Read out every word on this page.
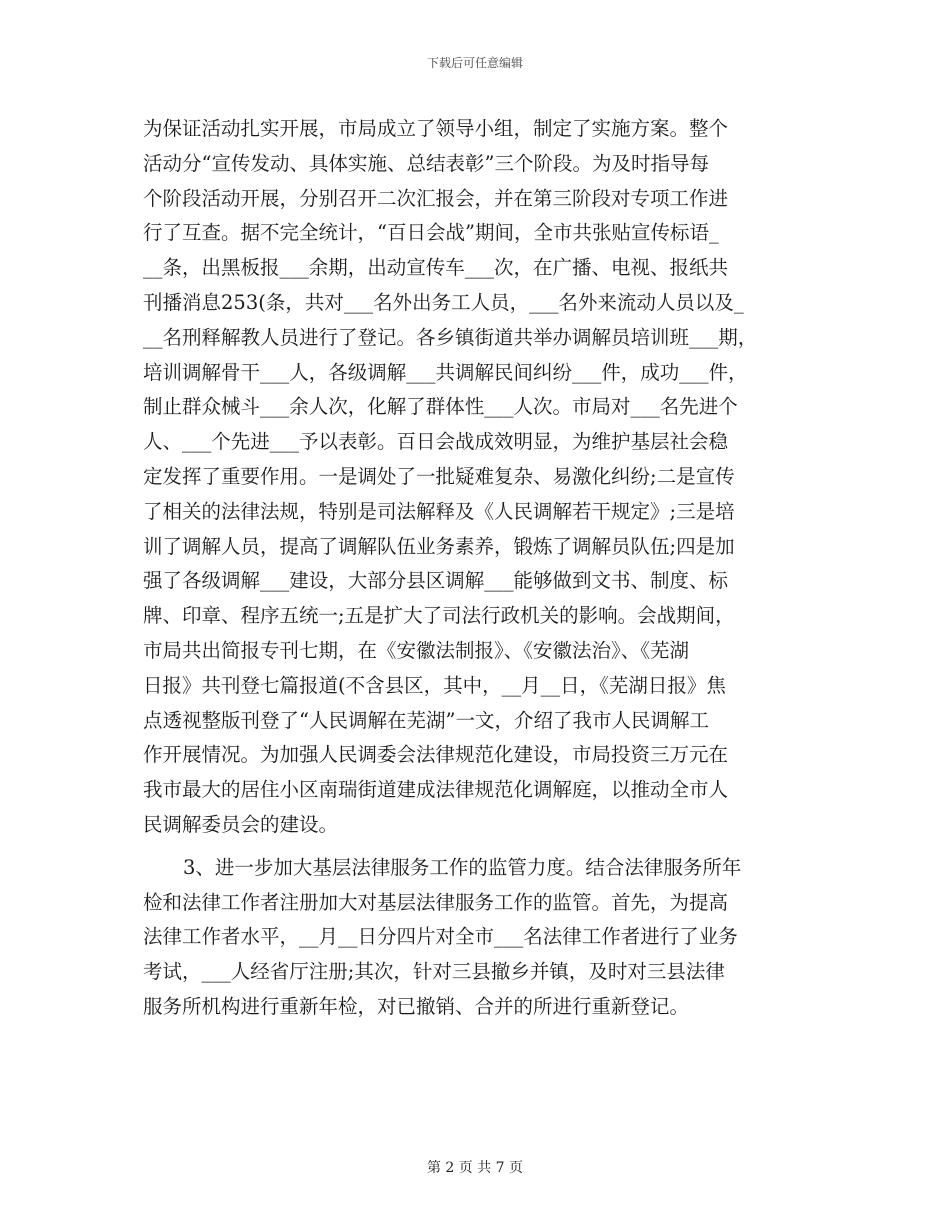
下载后可任意编辑
为保证活动扎实开展，市局成立了领导小组，制定了实施方案。整个
活动分“宣传发动、具体实施、总结表彰”三个阶段。为及时指导每
个阶段活动开展，分别召开二次汇报会，并在第三阶段对专项工作进
行了互查。据不完全统计，“百日会战”期间，全市共张贴宣传标语_
__条，出黑板报___余期，出动宣传车___次，在广播、电视、报纸共
刊播消息253(条，共对___名外出务工人员，___名外来流动人员以及_
__名刑释解教人员进行了登记。各乡镇街道共举办调解员培训班___期，
培训调解骨干___人，各级调解___共调解民间纠纷___件，成功___件，
制止群众械斗___余人次，化解了群体性___人次。市局对___名先进个
人、___个先进___予以表彰。百日会战成效明显，为维护基层社会稳
定发挥了重要作用。一是调处了一批疑难复杂、易激化纠纷;二是宣传
了相关的法律法规，特别是司法解释及《人民调解若干规定》;三是培
训了调解人员，提高了调解队伍业务素养，锻炼了调解员队伍;四是加
强了各级调解___建设，大部分县区调解___能够做到文书、制度、标
牌、印章、程序五统一;五是扩大了司法行政机关的影响。会战期间，
市局共出简报专刊七期，在《安徽法制报》、《安徽法治》、《芜湖
日报》共刊登七篇报道(不含县区，其中，__月__日，《芜湖日报》焦
点透视整版刊登了“人民调解在芜湖”一文，介绍了我市人民调解工
作开展情况。为加强人民调委会法律规范化建设，市局投资三万元在
我市最大的居住小区南瑞街道建成法律规范化调解庭，以推动全市人
民调解委员会的建设。
3、进一步加大基层法律服务工作的监管力度。结合法律服务所年
检和法律工作者注册加大对基层法律服务工作的监管。首先，为提高
法律工作者水平，__月__日分四片对全市___名法律工作者进行了业务
考试，___人经省厅注册;其次，针对三县撤乡并镇，及时对三县法律
服务所机构进行重新年检，对已撤销、合并的所进行重新登记。
第 2 页 共 7 页
